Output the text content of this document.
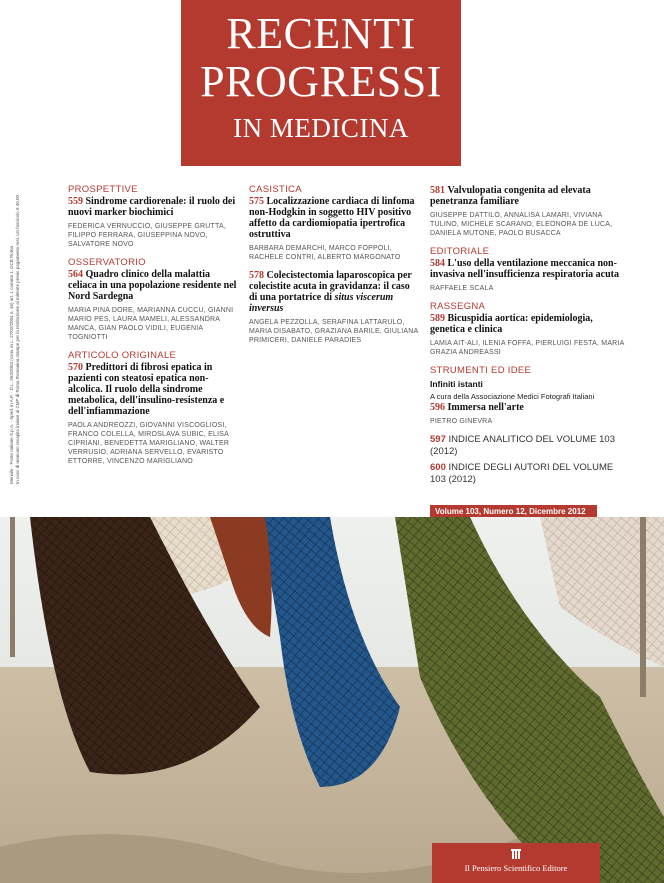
RECENTI
PROGRESSI
IN MEDICINA
Mensile - Poste Italiane S.p.A. - Sped. in A.P. - D.L. 353/2003 (conv. in L. 27/02/2004 n. 46) art. 1 comma 1, DCB Roma In caso di mancato recapito inviare al CMP di Roma Romanina stampe per la restituzione al mittente previo pagamento resi. Un fascicolo € 40,00
PROSPETTIVE
559 Sindrome cardiorenale: il ruolo dei nuovi marker biochimici
FEDERICA VERNUCCIO, GIUSEPPE GRUTTA, FILIPPO FERRARA, GIUSEPPINA NOVO, SALVATORE NOVO
OSSERVATORIO
564 Quadro clinico della malattia celiaca in una popolazione residente nel Nord Sardegna
MARIA PINA DORE, MARIANNA CUCCU, GIANNI MARIO PES, LAURA MAMELI, ALESSANDRA MANCA, GIAN PAOLO VIDILI, EUGENIA TOGNIOTTI
ARTICOLO ORIGINALE
570 Predittori di fibrosi epatica in pazienti con steatosi epatica non-alcolica. Il ruolo della sindrome metabolica, dell'insulino-resistenza e dell'infiammazione
PAOLA ANDREOZZI, GIOVANNI VISCOGLIOSI, FRANCO COLELLA, MIROSLAVA SUBIC, ELISA CIPRIANI, BENEDETTA MARIGLIANO, WALTER VERRUSIO, ADRIANA SERVELLO, EVARISTO ETTORRE, VINCENZO MARIGLIANO
CASISTICA
575 Localizzazione cardiaca di linfoma non-Hodgkin in soggetto HIV positivo affetto da cardiomiopatia ipertrofica ostruttiva
BARBARA DEMARCHI, MARCO FOPPOLI, RACHELE CONTRI, ALBERTO MARGONATO
578 Colecistectomia laparoscopica per colecistite acuta in gravidanza: il caso di una portatrice di situs viscerum inversus
ANGELA PEZZOLLA, SERAFINA LATTARULO, MARIA DISABATO, GRAZIANA BARILE, GIULIANA PRIMICERI, DANIELE PARADIES
581 Valvulopatia congenita ad elevata penetranza familiare
GIUSEPPE DATTILO, ANNALISA LAMARI, VIVIANA TULINO, MICHELE SCARANO, ELEONORA DE LUCA, DANIELA MUTONE, PAOLO BUSACCA
EDITORIALE
584 L'uso della ventilazione meccanica non-invasiva nell'insufficienza respiratoria acuta
RAFFAELE SCALA
RASSEGNA
589 Bicuspidia aortica: epidemiologia, genetica e clinica
LAMIA AIT-ALI, ILENIA FOFFA, PIERLUIGI FESTA, MARIA GRAZIA ANDREASSI
STRUMENTI ED IDEE
Infiniti istanti
A cura della Associazione Medici Fotografi Italiani
596 Immersa nell'arte
PIETRO GINEVRA
597 INDICE ANALITICO DEL VOLUME 103 (2012)
600 INDICE DEGLI AUTORI DEL VOLUME 103 (2012)
Volume 103, Numero 12, Dicembre 2012
Il Pensiero Scientifico Editore
